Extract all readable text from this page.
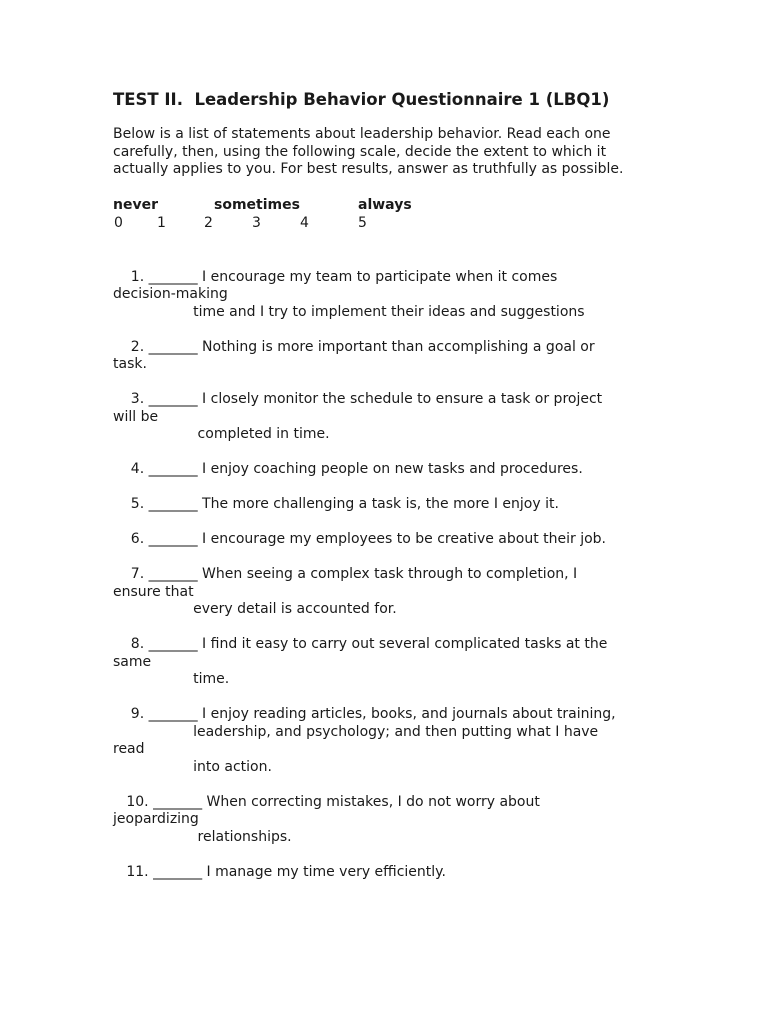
TEST II.  Leadership Behavior Questionnaire 1 (LBQ1)

Below is a list of statements about leadership behavior. Read each one carefully, then, using the following scale, decide the extent to which it actually applies to you. For best results, answer as truthfully as possible.

never	sometimes	always
0 1	2	3	4	5
1. _______ I encourage my team to participate when it comes
decision-making
time and I try to implement their ideas and suggestions
2. _______ Nothing is more important than accomplishing a goal or
task.
3. _______ I closely monitor the schedule to ensure a task or project
will be
completed in time.
4. _______ I enjoy coaching people on new tasks and procedures.
5. _______ The more challenging a task is, the more I enjoy it.
6. _______ I encourage my employees to be creative about their job.
7. _______ When seeing a complex task through to completion, I
ensure that
every detail is accounted for.
8. _______ I find it easy to carry out several complicated tasks at the
same
time.
9. _______ I enjoy reading articles, books, and journals about training,
leadership, and psychology; and then putting what I have
read
into action.
10. _______ When correcting mistakes, I do not worry about
jeopardizing
relationships.
11. _______ I manage my time very efficiently.
